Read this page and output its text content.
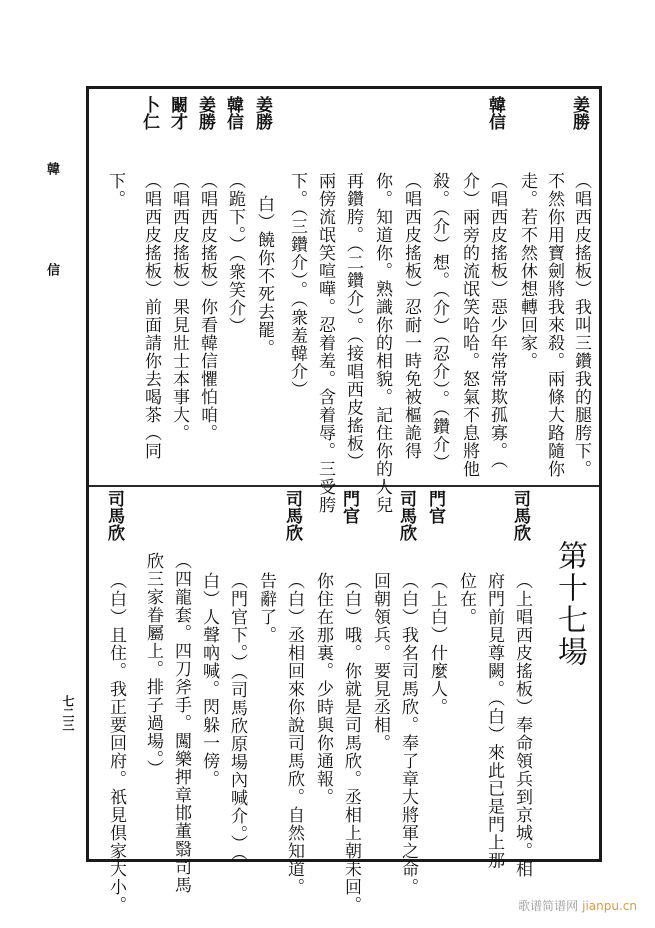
韓
信
七二三
姜勝
（唱西皮搖板）我叫三鑽我的腿胯下。
不然你用寶劍將我來殺。兩條大路隨你
走。若不然休想轉回家。
韓信
（唱西皮搖板）惡少年常常欺孤寡。（
介）兩旁的流氓笑哈哈。怒氣不息將他
殺。（介）想。（介）（忍介）。（鑽介）
（唱西皮搖板）忍耐一時免被樞詭得
你。知道你。熟識你的相貌。記住你的人兒
再鑽胯。（二鑽介）。（接唱西皮搖板）
兩傍流氓笑喧嘩。忍着羞。含着辱。三受胯
下。（三鑽介）。（衆羞韓介）
姜勝
白）饒你不死去罷。
韓信
（跪下。）（衆笑介）
姜勝
（唱西皮搖板）你看韓信懼怕咱。
闞才
（唱西皮搖板）果見壯士本事大。
卜仁
（唱西皮搖板）前面請你去喝茶（同
下。
第十七場
司馬欣
（上唱西皮搖板）奉命領兵到京城。相
府門前見尊闕。（白）來此已是門上那
位在。
門官
（上白）什麼人。
司馬欣
（白）我名司馬欣。奉了章大將軍之命。
回朝領兵。要見丞相。
門官
（白）哦。你就是司馬欣。丞相上朝未回。
你住在那裏。少時與你通報。
司馬欣
（白）丞相回來你說司馬欣。自然知道。
告辭了。
（門官下。）（司馬欣原場內喊介。）（
白）人聲吶喊。閃躲一傍。
（四龍套。四刀斧手。闖樂押章邯董翳司馬
欣三家眷屬上。排子過場。）
司馬欣
（白）且住。我正要回府。祇見倶家大小。	歌谱简谱网 jianpu.cn
